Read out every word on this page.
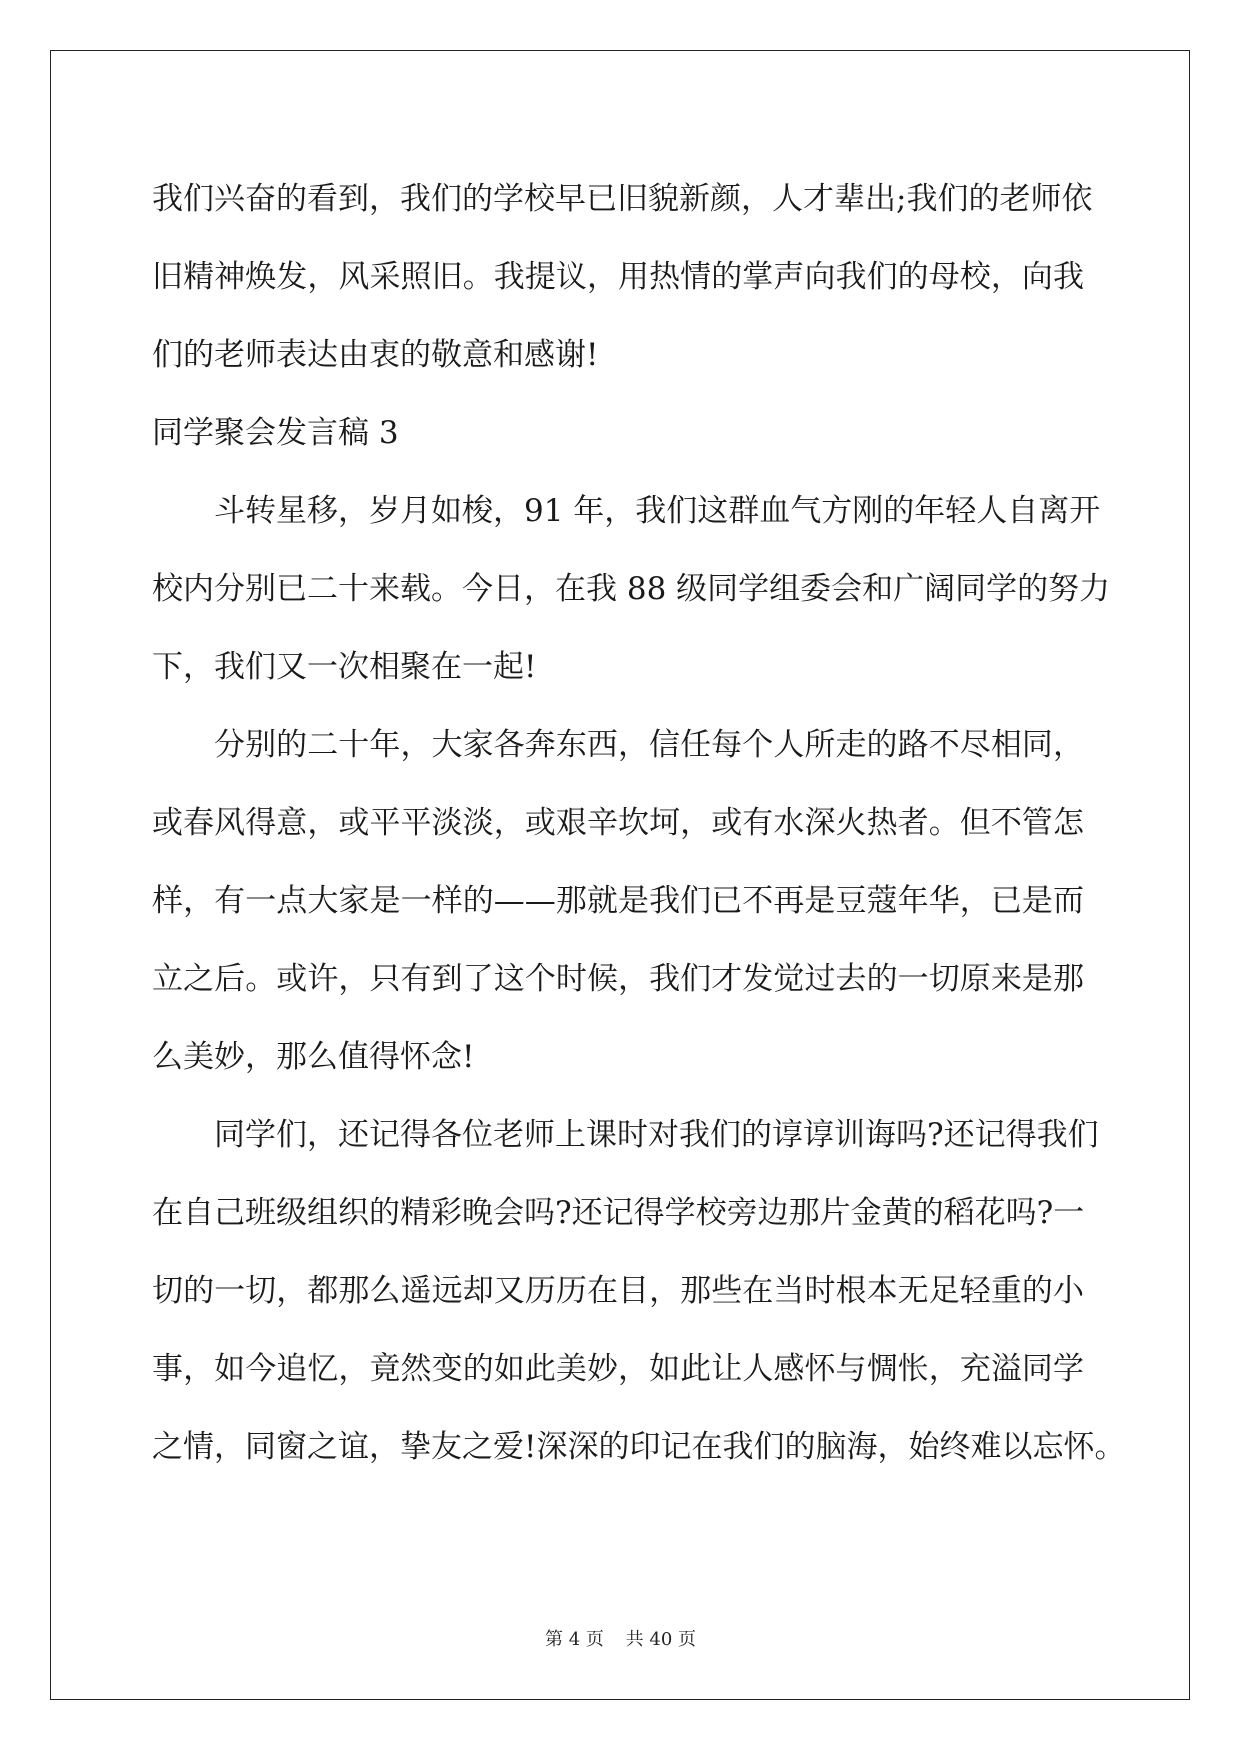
我们兴奋的看到，我们的学校早已旧貌新颜，人才辈出;我们的老师依
旧精神焕发，风采照旧。我提议，用热情的掌声向我们的母校，向我
们的老师表达由衷的敬意和感谢!
同学聚会发言稿 3
斗转星移，岁月如梭，91 年，我们这群血气方刚的年轻人自离开
校内分别已二十来载。今日，在我 88 级同学组委会和广阔同学的努力
下，我们又一次相聚在一起!
分别的二十年，大家各奔东西，信任每个人所走的路不尽相同，
或春风得意，或平平淡淡，或艰辛坎坷，或有水深火热者。但不管怎
样，有一点大家是一样的——那就是我们已不再是豆蔻年华，已是而
立之后。或许，只有到了这个时候，我们才发觉过去的一切原来是那
么美妙，那么值得怀念!
同学们，还记得各位老师上课时对我们的谆谆训诲吗?还记得我们
在自己班级组织的精彩晚会吗?还记得学校旁边那片金黄的稻花吗?一
切的一切，都那么遥远却又历历在目，那些在当时根本无足轻重的小
事，如今追忆，竟然变的如此美妙，如此让人感怀与惆怅，充溢同学
之情，同窗之谊，挚友之爱!深深的印记在我们的脑海，始终难以忘怀。
第 4 页 共 40 页
